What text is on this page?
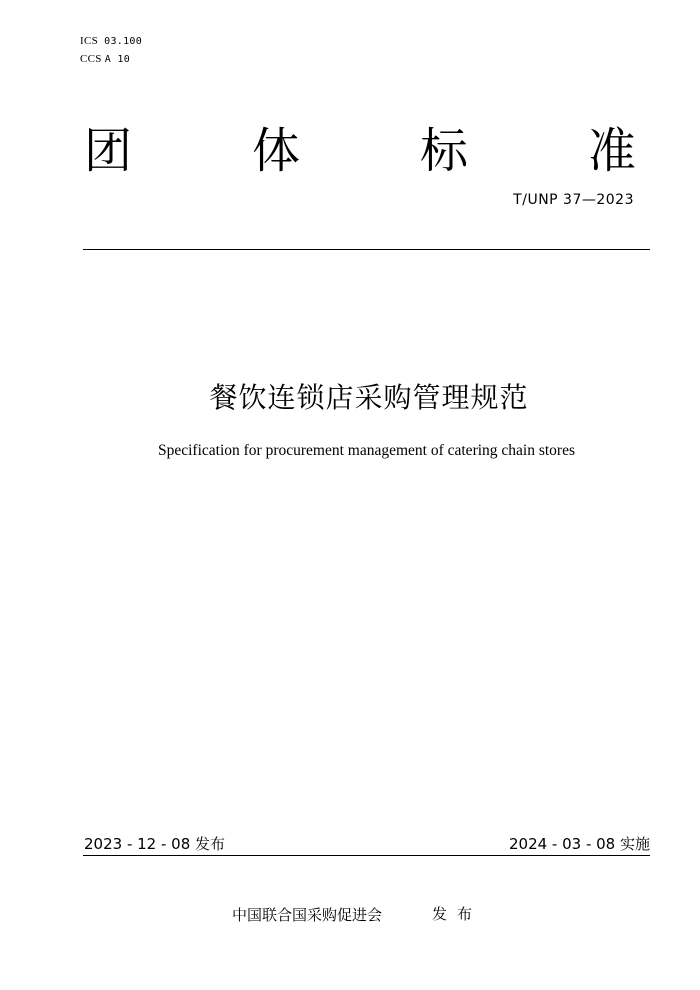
ICS 03.100
CCS A 10
团 体 标 准
T/UNP 37—2023
餐饮连锁店采购管理规范
Specification for procurement management of catering chain stores
2023 - 12 - 08 发布	2024 - 03 - 08 实施
中国联合国采购促进会	发布
